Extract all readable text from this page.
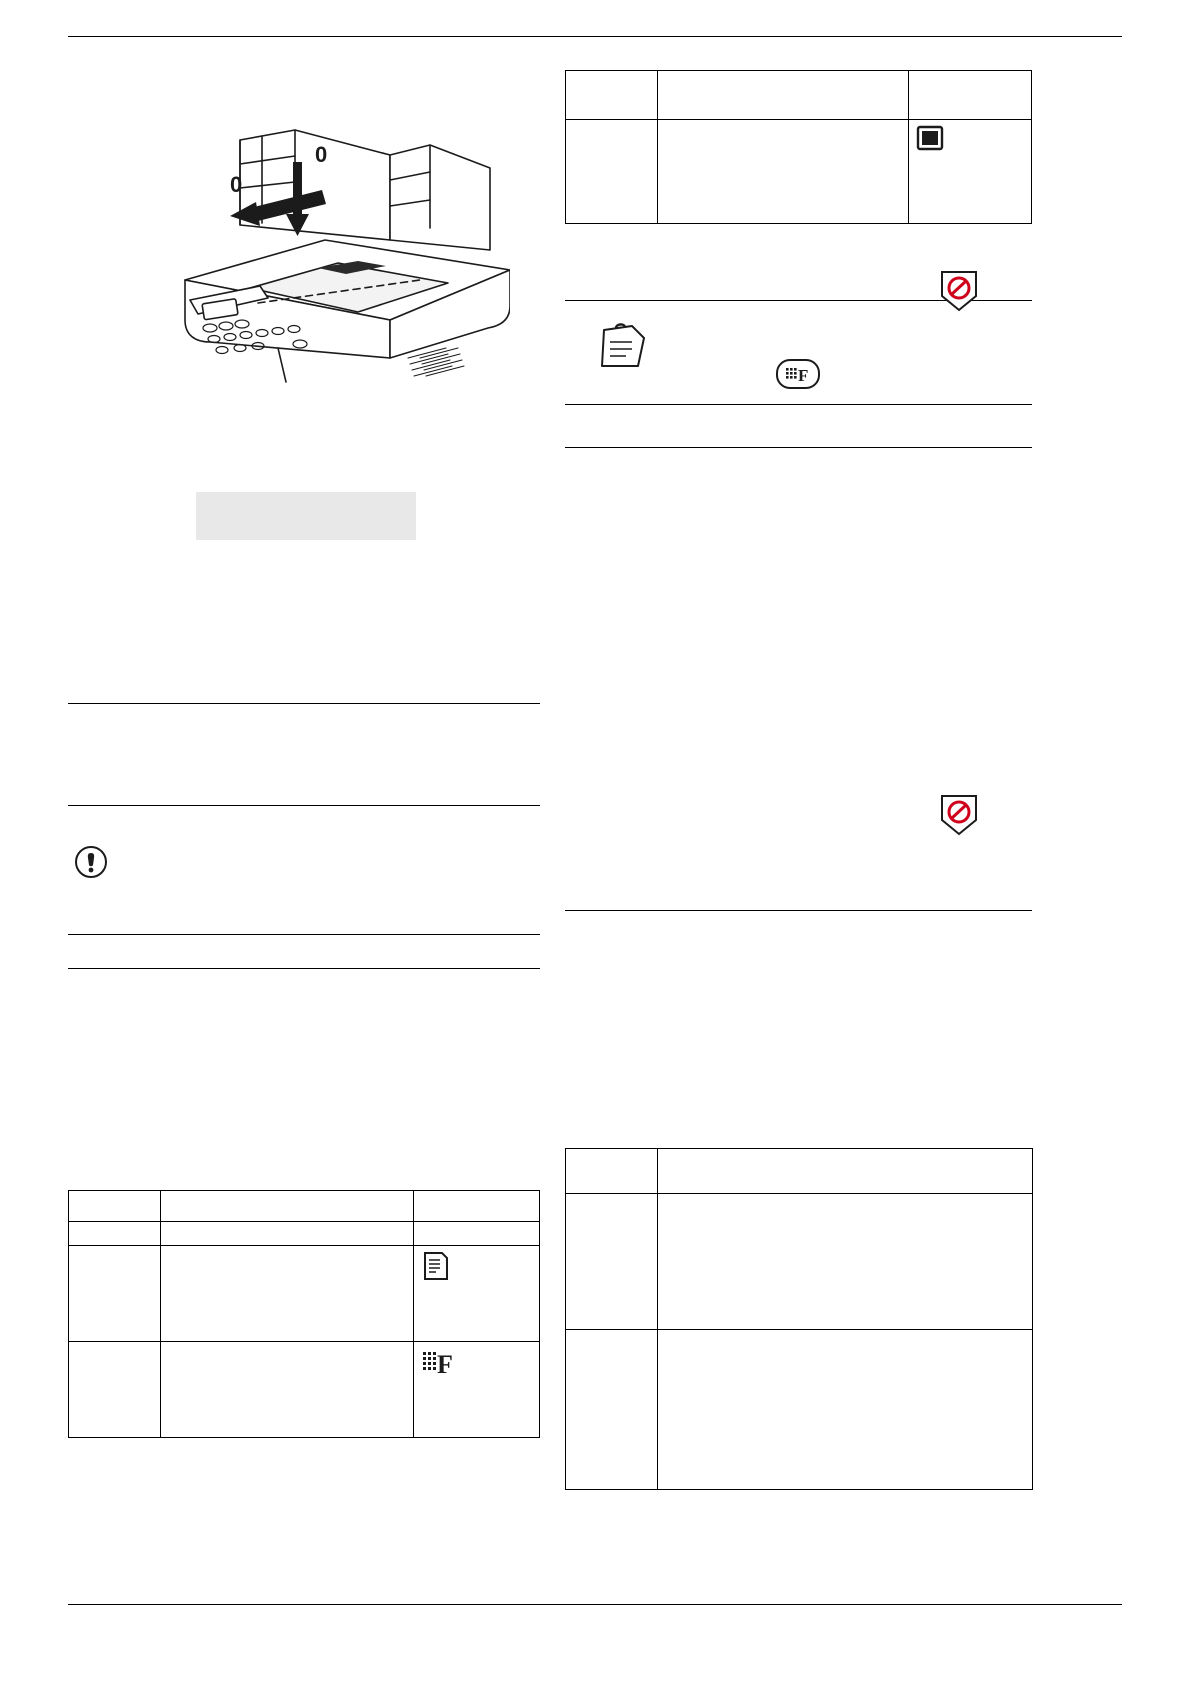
0
0

F

F
